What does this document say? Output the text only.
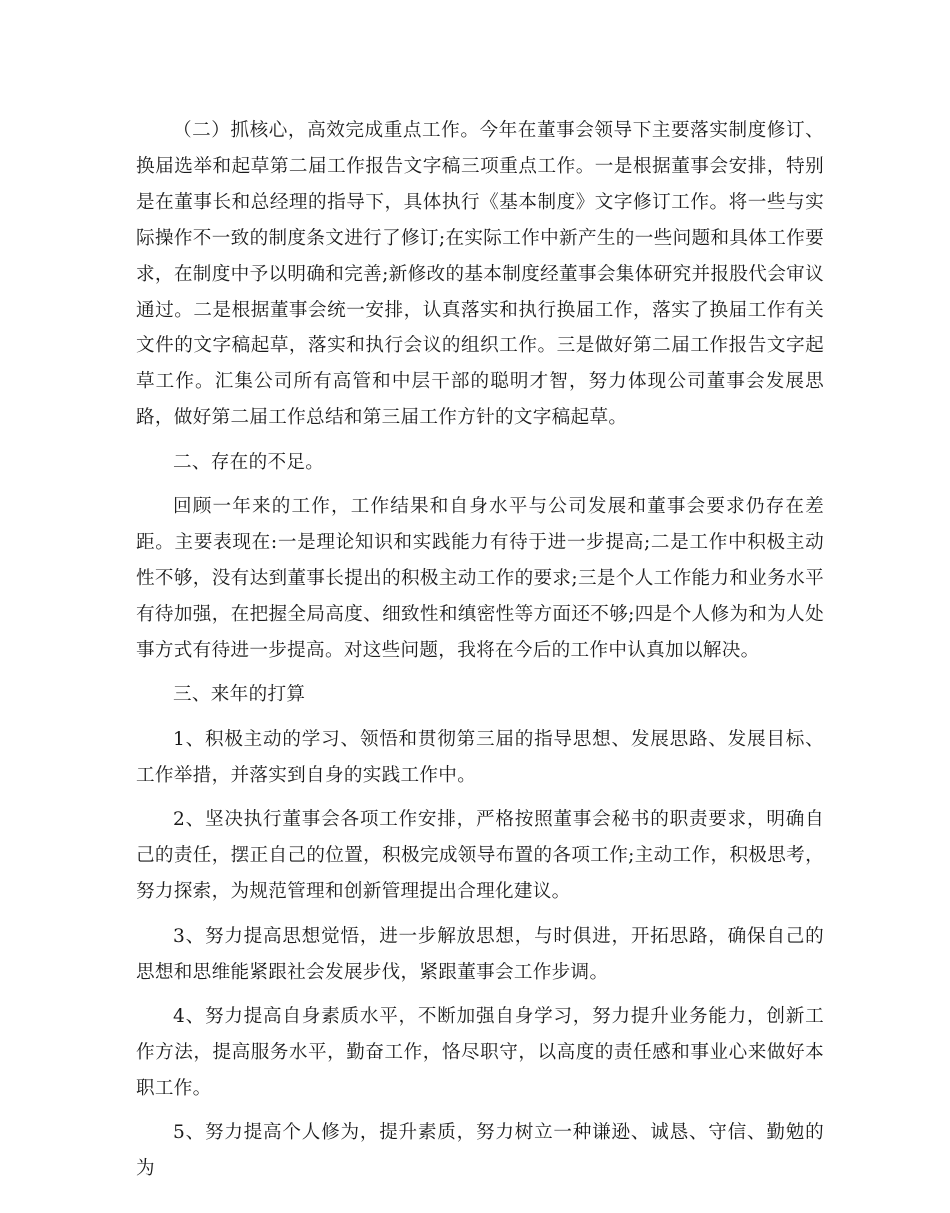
（二）抓核心，高效完成重点工作。今年在董事会领导下主要落实制度修订、换届选举和起草第二届工作报告文字稿三项重点工作。一是根据董事会安排，特别是在董事长和总经理的指导下，具体执行《基本制度》文字修订工作。将一些与实际操作不一致的制度条文进行了修订;在实际工作中新产生的一些问题和具体工作要求，在制度中予以明确和完善;新修改的基本制度经董事会集体研究并报股代会审议通过。二是根据董事会统一安排，认真落实和执行换届工作，落实了换届工作有关文件的文字稿起草，落实和执行会议的组织工作。三是做好第二届工作报告文字起草工作。汇集公司所有高管和中层干部的聪明才智，努力体现公司董事会发展思路，做好第二届工作总结和第三届工作方针的文字稿起草。

二、存在的不足。

回顾一年来的工作，工作结果和自身水平与公司发展和董事会要求仍存在差距。主要表现在:一是理论知识和实践能力有待于进一步提高;二是工作中积极主动性不够，没有达到董事长提出的积极主动工作的要求;三是个人工作能力和业务水平有待加强，在把握全局高度、细致性和缜密性等方面还不够;四是个人修为和为人处事方式有待进一步提高。对这些问题，我将在今后的工作中认真加以解决。

三、来年的打算

1、积极主动的学习、领悟和贯彻第三届的指导思想、发展思路、发展目标、工作举措，并落实到自身的实践工作中。

2、坚决执行董事会各项工作安排，严格按照董事会秘书的职责要求，明确自己的责任，摆正自己的位置，积极完成领导布置的各项工作;主动工作，积极思考，努力探索，为规范管理和创新管理提出合理化建议。

3、努力提高思想觉悟，进一步解放思想，与时俱进，开拓思路，确保自己的思想和思维能紧跟社会发展步伐，紧跟董事会工作步调。

4、努力提高自身素质水平，不断加强自身学习，努力提升业务能力，创新工作方法，提高服务水平，勤奋工作，恪尽职守，以高度的责任感和事业心来做好本职工作。

5、努力提高个人修为，提升素质，努力树立一种谦逊、诚恳、守信、勤勉的为
